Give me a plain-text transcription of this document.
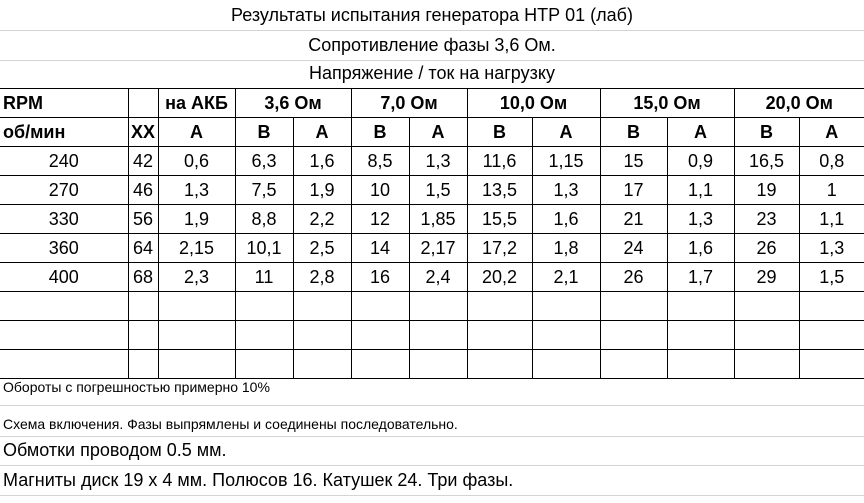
Результаты испытания генератора НТР 01 (лаб)
Сопротивление фазы 3,6 Ом.
Напряжение / ток на нагрузку
RPM		на АКБ	3,6 Ом		7,0 Ом		10,0 Ом		15,0 Ом		20,0 Ом	
об/мин	ХХ	А	В	А	В	А	В	А	В	А	В	А
240	42	0,6	6,3	1,6	8,5	1,3	11,6	1,15	15	0,9	16,5	0,8
270	46	1,3	7,5	1,9	10	1,5	13,5	1,3	17	1,1	19	1
330	56	1,9	8,8	2,2	12	1,85	15,5	1,6	21	1,3	23	1,1
360	64	2,15	10,1	2,5	14	2,17	17,2	1,8	24	1,6	26	1,3
400	68	2,3	11	2,8	16	2,4	20,2	2,1	26	1,7	29	1,5

Обороты с погрешностью примерно 10%
Схема включения. Фазы выпрямлены и соединены последовательно.
Обмотки проводом 0.5 мм.
Магниты диск 19 х 4 мм. Полюсов 16. Катушек 24. Три фазы.
